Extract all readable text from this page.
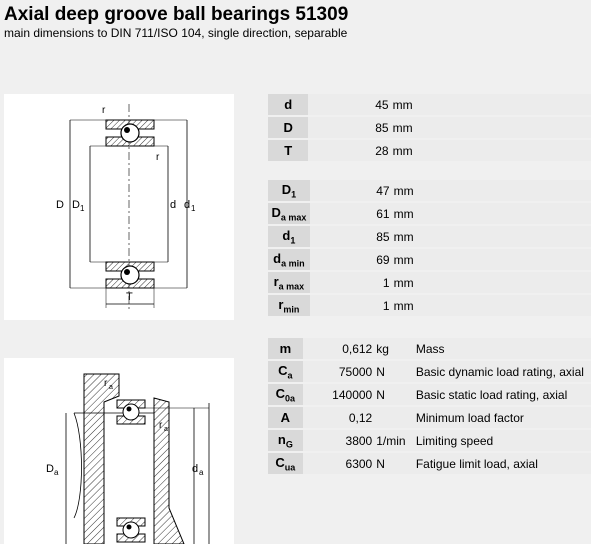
Axial deep groove ball bearings 51309
main dimensions to DIN 711/ISO 104, single direction, separable
D D 1	d d 1
r
r
T
D a	d a
r a
r a
d	45	mm	
D	85	mm	
T	28	mm	
$D_1$	47	mm	
$D_{a max}$	61	mm	
$d_1$	85	mm	
$d_{a min}$	69	mm	
$r_{a max}$	1	mm	
$r_{min}$	1	mm	
m	0,612	kg	Mass
$C_a$	75000	N	Basic dynamic load rating, axial
$C_{0a}$	140000	N	Basic static load rating, axial
A	0,12		Minimum load factor
$n_G$	3800	1/min	Limiting speed
$C_{ua}$	6300	N	Fatigue limit load, axial
